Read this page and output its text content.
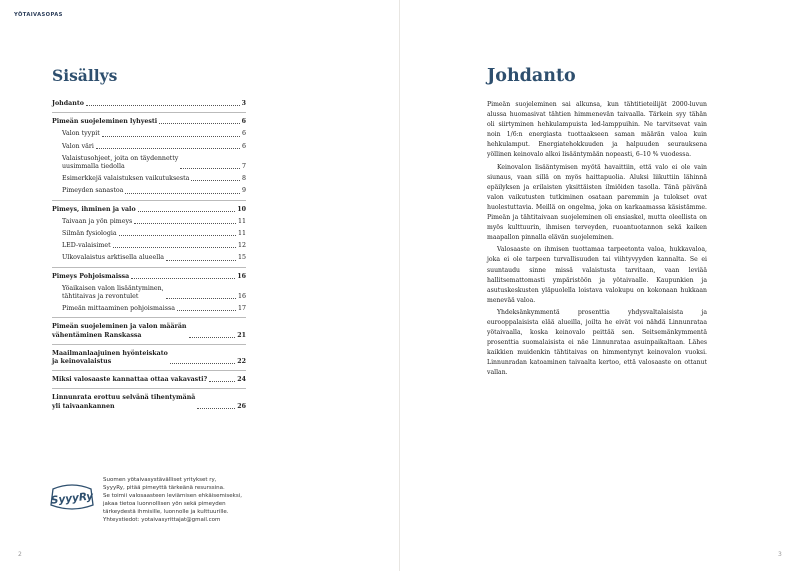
YÖTAIVASOPAS
Sisällys
Johdanto	3
Pimeän suojeleminen lyhyesti	6
Valon tyypit	6
Valon väri	6
Valaistusohjeet, joita on täydennetty
uusimmalla tiedolla	7
Esimerkkejä valaistuksen vaikutuksesta	8
Pimeyden sanastoa	9
Pimeys, ihminen ja valo	10
Taivaan ja yön pimeys	11
Silmän fysiologia	11
LED-valaisimet	12
Ulkovalaistus arktisella alueella	15
Pimeys Pohjoismaissa	16
Yöaikaisen valon lisääntyminen,
tähtitaivas ja revontulet	16
Pimeän mittaaminen pohjoismaissa	17
Pimeän suojeleminen ja valon määrän
vähentäminen Ranskassa	21
Maailmanlaajuinen hyönteiskato
ja keinovalaistus	22
Miksi valosaaste kannattaa ottaa vakavasti?	24
Linnunrata erottuu selvänä tihentymänä
yli taivaankannen	26
SyyyRy
Suomen yötaivasystävälliset yritykset ry,
SyyyRy, pitää pimeyttä tärkeänä resurssina.
Se toimii valosaasteen leviämisen ehkäisemiseksi,
jakaa tietoa luonnollisen yön sekä pimeyden
tärkeydestä ihmisille, luonnolle ja kulttuurille.
Yhteystiedot: yotaivasyrittajat@gmail.com
2
Johdanto

Pimeän suojeleminen sai alkunsa, kun tähtitieteilijät 2000-luvun alussa huomasivat tähtien himmenevän taivaalla. Tärkein syy tähän oli siirtyminen hehkulampuista led-lamppuihin. Ne tarvitsevat vain noin 1/6:n energiasta tuottaakseen saman määrän valoa kuin hehkulamput. Energiatehokkuuden ja halpuuden seurauksena yöllinen keinovalo alkoi lisääntymään nopeasti, 6–10 % vuodessa.

Keinovalon lisääntymisen myötä havaittiin, että valo ei ole vain siunaus, vaan sillä on myös haittapuolia. Aluksi liikuttiin lähinnä epäilyksen ja erilaisten yksittäisten ilmiöiden tasolla. Tänä päivänä valon vaikutusten tutkiminen osataan paremmin ja tulokset ovat huolestuttavia. Meillä on ongelma, joka on karkaamassa käsistämme. Pimeän ja tähtitaivaan suojeleminen oli ensiaskel, mutta oleellista on myös kulttuurin, ihmisen terveyden, ruoantuotannon sekä kaiken maapallon pinnalla elävän suojeleminen.

Valosaaste on ihmisen tuottamaa tarpeetonta valoa, hukkavaloa, joka ei ole tarpeen turvallisuuden tai viihtyvyyden kannalta. Se ei suuntaudu sinne missä valaistusta tarvitaan, vaan leviää hallitsemattomasti ympäristöön ja yötaivaalle. Kaupunkien ja asutuskeskusten yläpuolella loistava valokupu on kokonaan hukkaan menevää valoa.

Yhdeksänkymmentä prosenttia yhdysvaltalaisista ja eurooppalaisista elää alueilla, joilta he eivät voi nähdä Linnunrataa yötaivaalla, koska keinovalo peittää sen. Seitsemänkymmentä prosenttia suomalaisista ei näe Linnunrataa asuinpaikaltaan. Lähes kaikkien muidenkin tähtitaivas on himmentynyt keinovalon vuoksi. Linnunradan katoaminen taivaalta kertoo, että valosaaste on ottanut vallan.

3
